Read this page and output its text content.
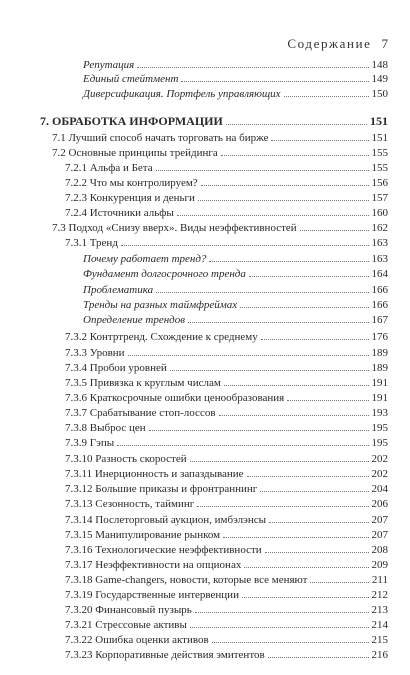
Содержание 7
Репутация	148
Единый стейтмент	149
Диверсификация. Портфель управляющих	150
7. ОБРАБОТКА ИНФОРМАЦИИ	151
7.1 Лучший способ начать торговать на бирже	151
7.2 Основные принципы трейдинга	155
7.2.1 Альфа и Бета	155
7.2.2 Что мы контролируем?	156
7.2.3 Конкуренция и деньги	157
7.2.4 Источники альфы	160
7.3 Подход «Снизу вверх». Виды неэффективностей	162
7.3.1 Тренд	163
Почему работает тренд?	163
Фундамент долгосрочного тренда	164
Проблематика	166
Тренды на разных таймфреймах	166
Определение трендов	167
7.3.2 Контртренд. Схождение к среднему	176
7.3.3 Уровни	189
7.3.4 Пробои уровней	189
7.3.5 Привязка к круглым числам	191
7.3.6 Краткосрочные ошибки ценообразования	191
7.3.7 Срабатывание стоп-лоссов	193
7.3.8 Выброс цен	195
7.3.9 Гэпы	195
7.3.10 Разность скоростей	202
7.3.11 Инерционность и запаздывание	202
7.3.12 Большие приказы и фронтраннинг	204
7.3.13 Сезонность, тайминг	206
7.3.14 Послеторговый аукцион, имбэлэнсы	207
7.3.15 Манипулирование рынком	207
7.3.16 Технологические неэффективности	208
7.3.17 Неэффективности на опционах	209
7.3.18 Game-changers, новости, которые все меняют	211
7.3.19 Государственные интервенции	212
7.3.20 Финансовый пузырь	213
7.3.21 Стрессовые активы	214
7.3.22 Ошибка оценки активов	215
7.3.23 Корпоративные действия эмитентов	216
